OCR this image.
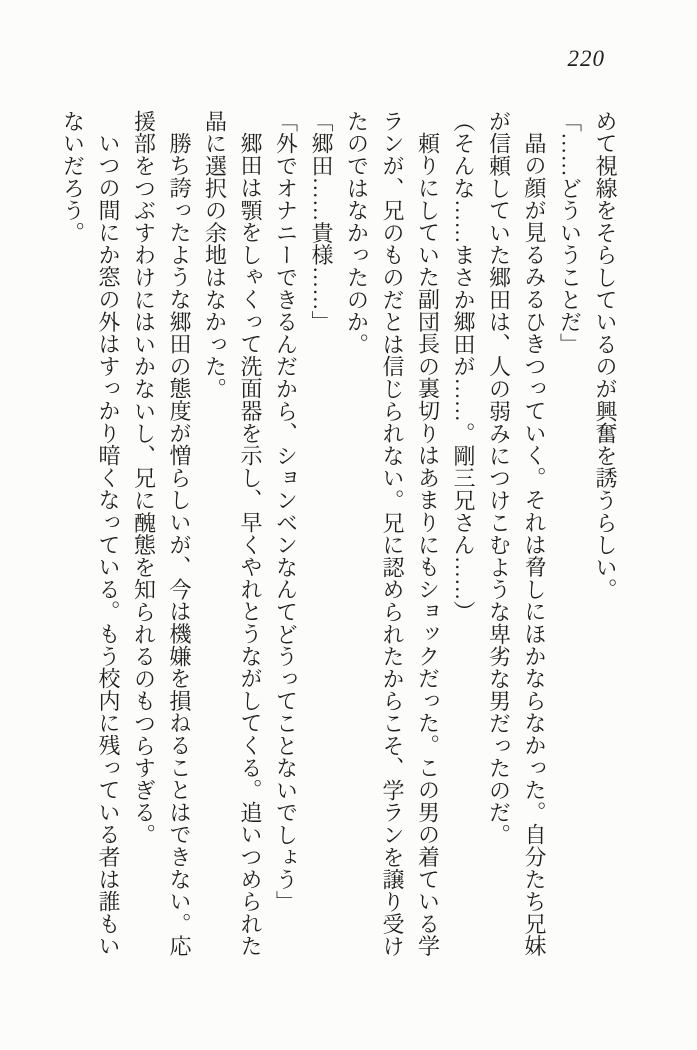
220

めて視線をそらしているのが興奮を誘うらしい。

「……どういうことだ」

晶の顔が見るみるひきつっていく。それは脅しにほかならなかった。自分たち兄妹が信頼していた郷田は、人の弱みにつけこむような卑劣な男だったのだ。

（そんな……まさか郷田が……。剛三兄さん……）

頼りにしていた副団長の裏切りはあまりにもショックだった。この男の着ている学ランが、兄のものだとは信じられない。兄に認められたからこそ、学ランを譲り受けたのではなかったのか。

「郷田……貴様……」

「外でオナニーできるんだから、ションベンなんてどうってことないでしょう」

郷田は顎をしゃくって洗面器を示し、早くやれとうながしてくる。追いつめられた晶に選択の余地はなかった。

勝ち誇ったような郷田の態度が憎らしいが、今は機嫌を損ねることはできない。応援部をつぶすわけにはいかないし、兄に醜態を知られるのもつらすぎる。

いつの間にか窓の外はすっかり暗くなっている。もう校内に残っている者は誰もいないだろう。
